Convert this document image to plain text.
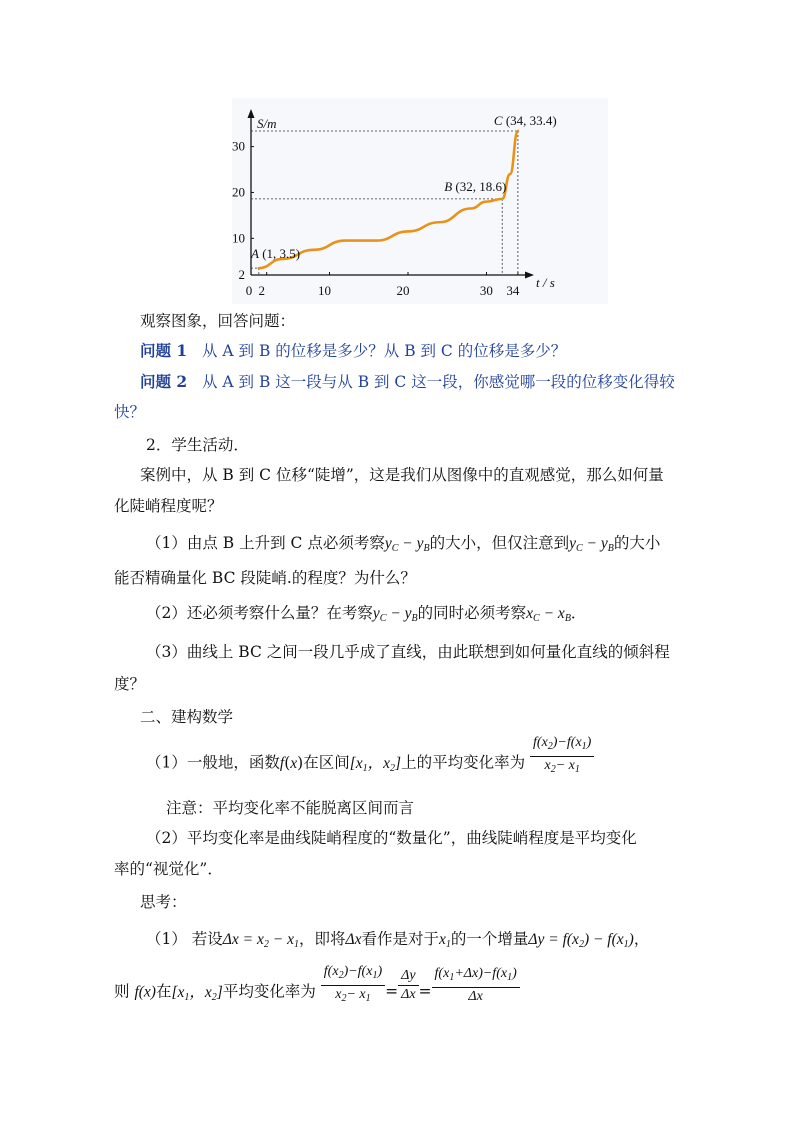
S/m
t / s
0 2	10	20	30 34
2
10
20
30
A (1, 3.5)
B (32, 18.6)
C (34, 33.4)
观察图象，回答问题：
问题 1 从 A 到 B 的位移是多少？从 B 到 C 的位移是多少？
问题 2 从 A 到 B 这一段与从 B 到 C 这一段，你感觉哪一段的位移变化得较
快？
2．学生活动．
案例中，从 B 到 C 位移“陡增”，这是我们从图像中的直观感觉，那么如何量
化陡峭程度呢？
（1）由点 B 上升到 C 点必须考察$y_C - y_B$的大小，但仅注意到$y_C - y_B$的大小
能否精确量化 BC 段陡峭.的程度？为什么？
（2）还必须考察什么量？在考察$y_C - y_B$的同时必须考察$x_C - x_B$．
（3）曲线上 BC 之间一段几乎成了直线，由此联想到如何量化直线的倾斜程
度？
二、建构数学
（1）一般地，函数f(x)在区间[$x_1$，$x_2$]上的平均变化率为 $\frac{f(x_2)-f(x_1)}{x_2- x_1}$
注意：平均变化率不能脱离区间而言
（2）平均变化率是曲线陡峭程度的“数量化”，曲线陡峭程度是平均变化
率的“视觉化”．
思考：
（1） 若设$\Delta x = x_2 - x_1$，即将Δx看作是对于$x_1$的一个增量$\Delta y = f(x_2) - f(x_1)$，
则 f(x)在[$x_1$，$x_2$]平均变化率为 $\frac{f(x_2)-f(x_1)}{x_2- x_1} = \frac{\Delta y}{\Delta x} = \frac{f(x_1+\Delta x)-f(x_1)}{\Delta x}$
